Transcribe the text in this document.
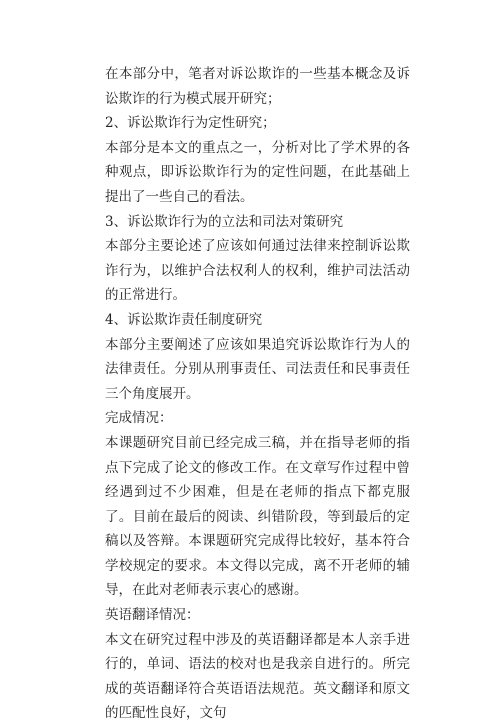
在本部分中，笔者对诉讼欺诈的一些基本概念及诉讼欺诈的行为模式展开研究；

2、诉讼欺诈行为定性研究；

本部分是本文的重点之一，分析对比了学术界的各种观点，即诉讼欺诈行为的定性问题，在此基础上提出了一些自己的看法。

3、诉讼欺诈行为的立法和司法对策研究

本部分主要论述了应该如何通过法律来控制诉讼欺诈行为，以维护合法权利人的权利，维护司法活动的正常进行。

4、诉讼欺诈责任制度研究

本部分主要阐述了应该如果追究诉讼欺诈行为人的法律责任。分别从刑事责任、司法责任和民事责任三个角度展开。

完成情况：

本课题研究目前已经完成三稿，并在指导老师的指点下完成了论文的修改工作。在文章写作过程中曾经遇到过不少困难，但是在老师的指点下都克服了。目前在最后的阅读、纠错阶段，等到最后的定稿以及答辩。本课题研究完成得比较好，基本符合学校规定的要求。本文得以完成，离不开老师的辅导，在此对老师表示衷心的感谢。

英语翻译情况：

本文在研究过程中涉及的英语翻译都是本人亲手进行的，单词、语法的校对也是我亲自进行的。所完成的英语翻译符合英语语法规范。英文翻译和原文的匹配性良好，文句
